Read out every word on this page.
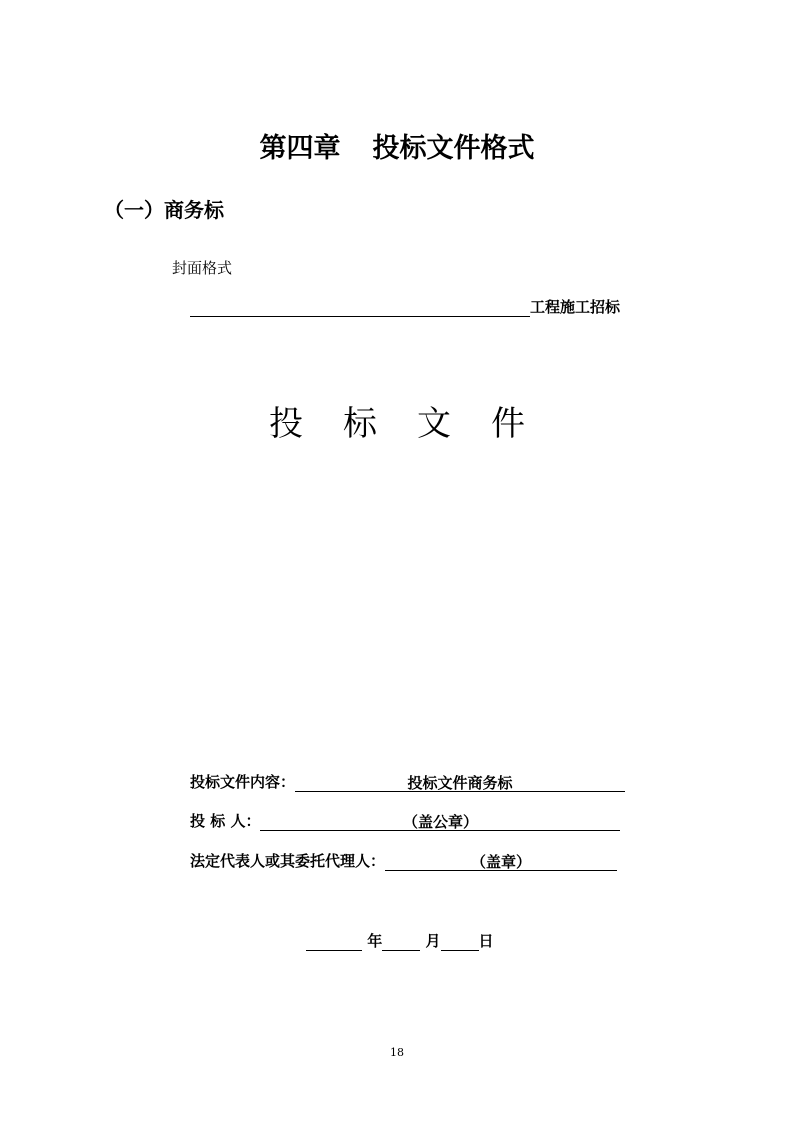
第四章 投标文件格式
（一）商务标
封面格式
工程施工招标
投 标 文 件
投标文件内容：	投标文件商务标
投 标 人：	（盖公章）
法定代表人或其委托代理人：	（盖章）
年	月	日
18
